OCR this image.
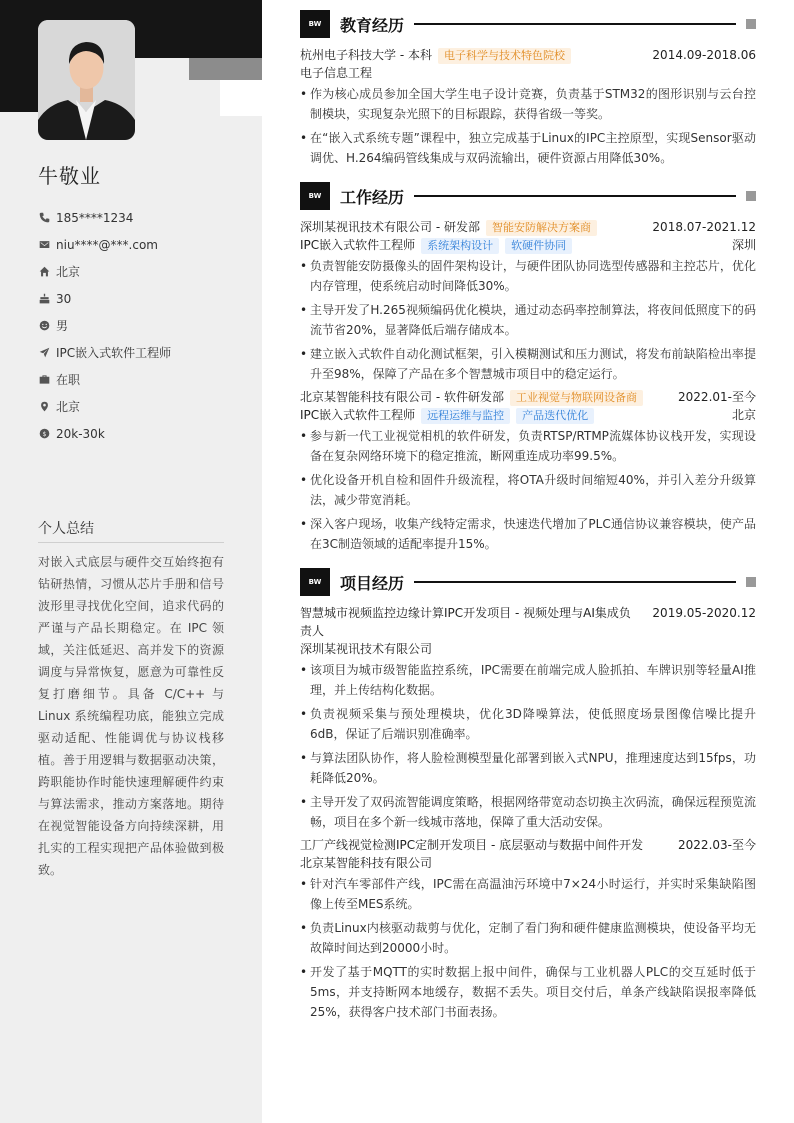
牛敬业
185****1234
niu****@***.com
北京
30
男
IPC嵌入式软件工程师
在职
北京
$ 20k-30k
个人总结
对嵌入式底层与硬件交互始终抱有钻研热情，习惯从芯片手册和信号波形里寻找优化空间，追求代码的严谨与产品长期稳定。在 IPC 领域，关注低延迟、高并发下的资源调度与异常恢复，愿意为可靠性反复打磨细节。具备 C/C++ 与 Linux 系统编程功底，能独立完成驱动适配、性能调优与协议栈移植。善于用逻辑与数据驱动决策，跨职能协作时能快速理解硬件约束与算法需求，推动方案落地。期待在视觉智能设备方向持续深耕，用扎实的工程实现把产品体验做到极致。
BW	教育经历
杭州电子科技大学 - 本科 电子科学与技术特色院校	2014.09-2018.06
电子信息工程
• 作为核心成员参加全国大学生电子设计竞赛，负责基于STM32的图形识别与云台控制模块，实现复杂光照下的目标跟踪，获得省级一等奖。
• 在“嵌入式系统专题”课程中，独立完成基于Linux的IPC主控原型，实现Sensor驱动调优、H.264编码管线集成与双码流输出，硬件资源占用降低30%。
BW	工作经历
深圳某视讯技术有限公司 - 研发部 智能安防解决方案商	2018.07-2021.12
IPC嵌入式软件工程师 系统架构设计 软硬件协同	深圳
• 负责智能安防摄像头的固件架构设计，与硬件团队协同选型传感器和主控芯片，优化内存管理，使系统启动时间降低30%。
• 主导开发了H.265视频编码优化模块，通过动态码率控制算法，将夜间低照度下的码流节省20%，显著降低后端存储成本。
• 建立嵌入式软件自动化测试框架，引入模糊测试和压力测试，将发布前缺陷检出率提升至98%，保障了产品在多个智慧城市项目中的稳定运行。
北京某智能科技有限公司 - 软件研发部 工业视觉与物联网设备商	2022.01-至今
IPC嵌入式软件工程师 远程运维与监控 产品迭代优化	北京
• 参与新一代工业视觉相机的软件研发，负责RTSP/RTMP流媒体协议栈开发，实现设备在复杂网络环境下的稳定推流，断网重连成功率99.5%。
• 优化设备开机自检和固件升级流程，将OTA升级时间缩短40%，并引入差分升级算法，减少带宽消耗。
• 深入客户现场，收集产线特定需求，快速迭代增加了PLC通信协议兼容模块，使产品在3C制造领域的适配率提升15%。
BW	项目经历
智慧城市视频监控边缘计算IPC开发项目 - 视频处理与AI集成负责人
2019.05-2020.12
深圳某视讯技术有限公司
• 该项目为城市级智能监控系统，IPC需要在前端完成人脸抓拍、车牌识别等轻量AI推理，并上传结构化数据。
• 负责视频采集与预处理模块，优化3D降噪算法，使低照度场景图像信噪比提升6dB，保证了后端识别准确率。
• 与算法团队协作，将人脸检测模型量化部署到嵌入式NPU，推理速度达到15fps，功耗降低20%。
• 主导开发了双码流智能调度策略，根据网络带宽动态切换主次码流，确保远程预览流畅，项目在多个新一线城市落地，保障了重大活动安保。
工厂产线视觉检测IPC定制开发项目 - 底层驱动与数据中间件开发	2022.03-至今
北京某智能科技有限公司
• 针对汽车零部件产线，IPC需在高温油污环境中7×24小时运行，并实时采集缺陷图像上传至MES系统。
• 负责Linux内核驱动裁剪与优化，定制了看门狗和硬件健康监测模块，使设备平均无故障时间达到20000小时。
• 开发了基于MQTT的实时数据上报中间件，确保与工业机器人PLC的交互延时低于5ms，并支持断网本地缓存，数据不丢失。项目交付后，单条产线缺陷误报率降低25%，获得客户技术部门书面表扬。
